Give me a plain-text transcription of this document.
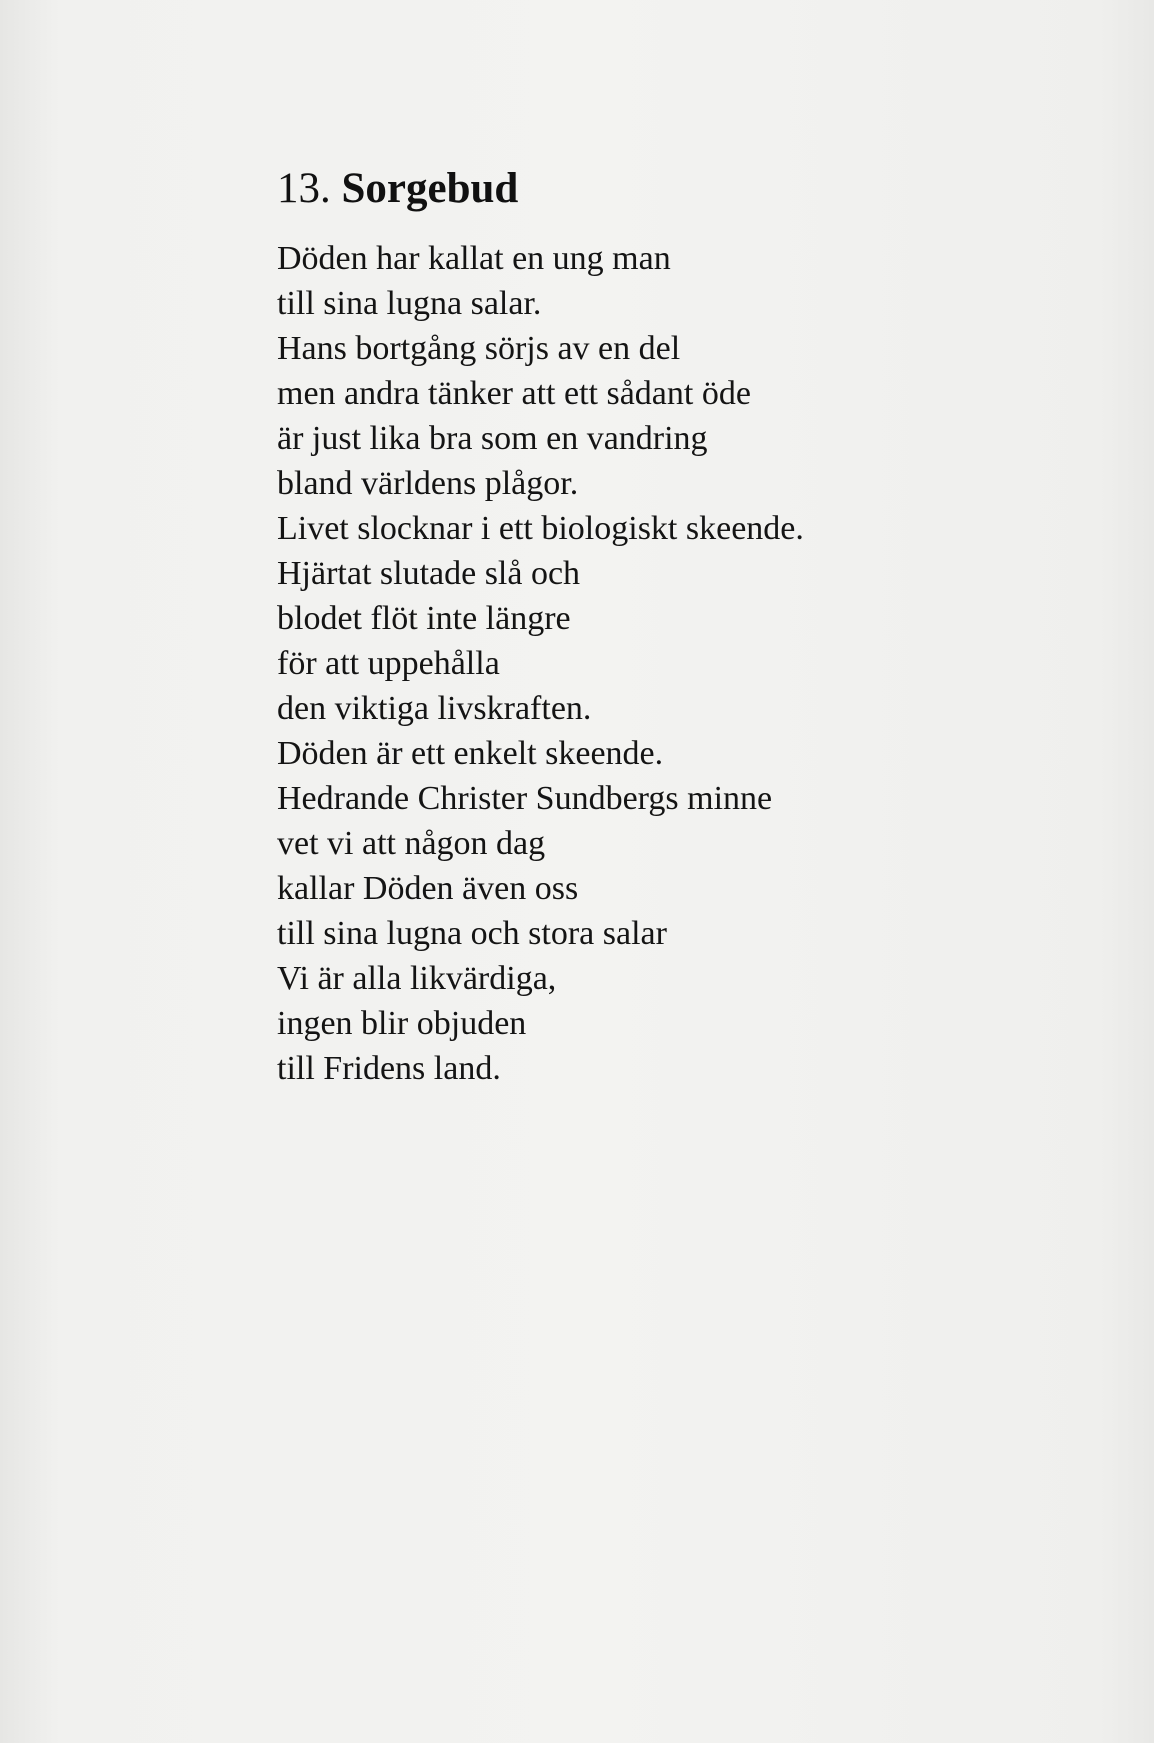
13. Sorgebud
Döden har kallat en ung man
till sina lugna salar.
Hans bortgång sörjs av en del
men andra tänker att ett sådant öde
är just lika bra som en vandring
bland världens plågor.
Livet slocknar i ett biologiskt skeende.
Hjärtat slutade slå och
blodet flöt inte längre
för att uppehålla
den viktiga livskraften.
Döden är ett enkelt skeende.
Hedrande Christer Sundbergs minne
vet vi att någon dag
kallar Döden även oss
till sina lugna och stora salar
Vi är alla likvärdiga,
ingen blir objuden
till Fridens land.
